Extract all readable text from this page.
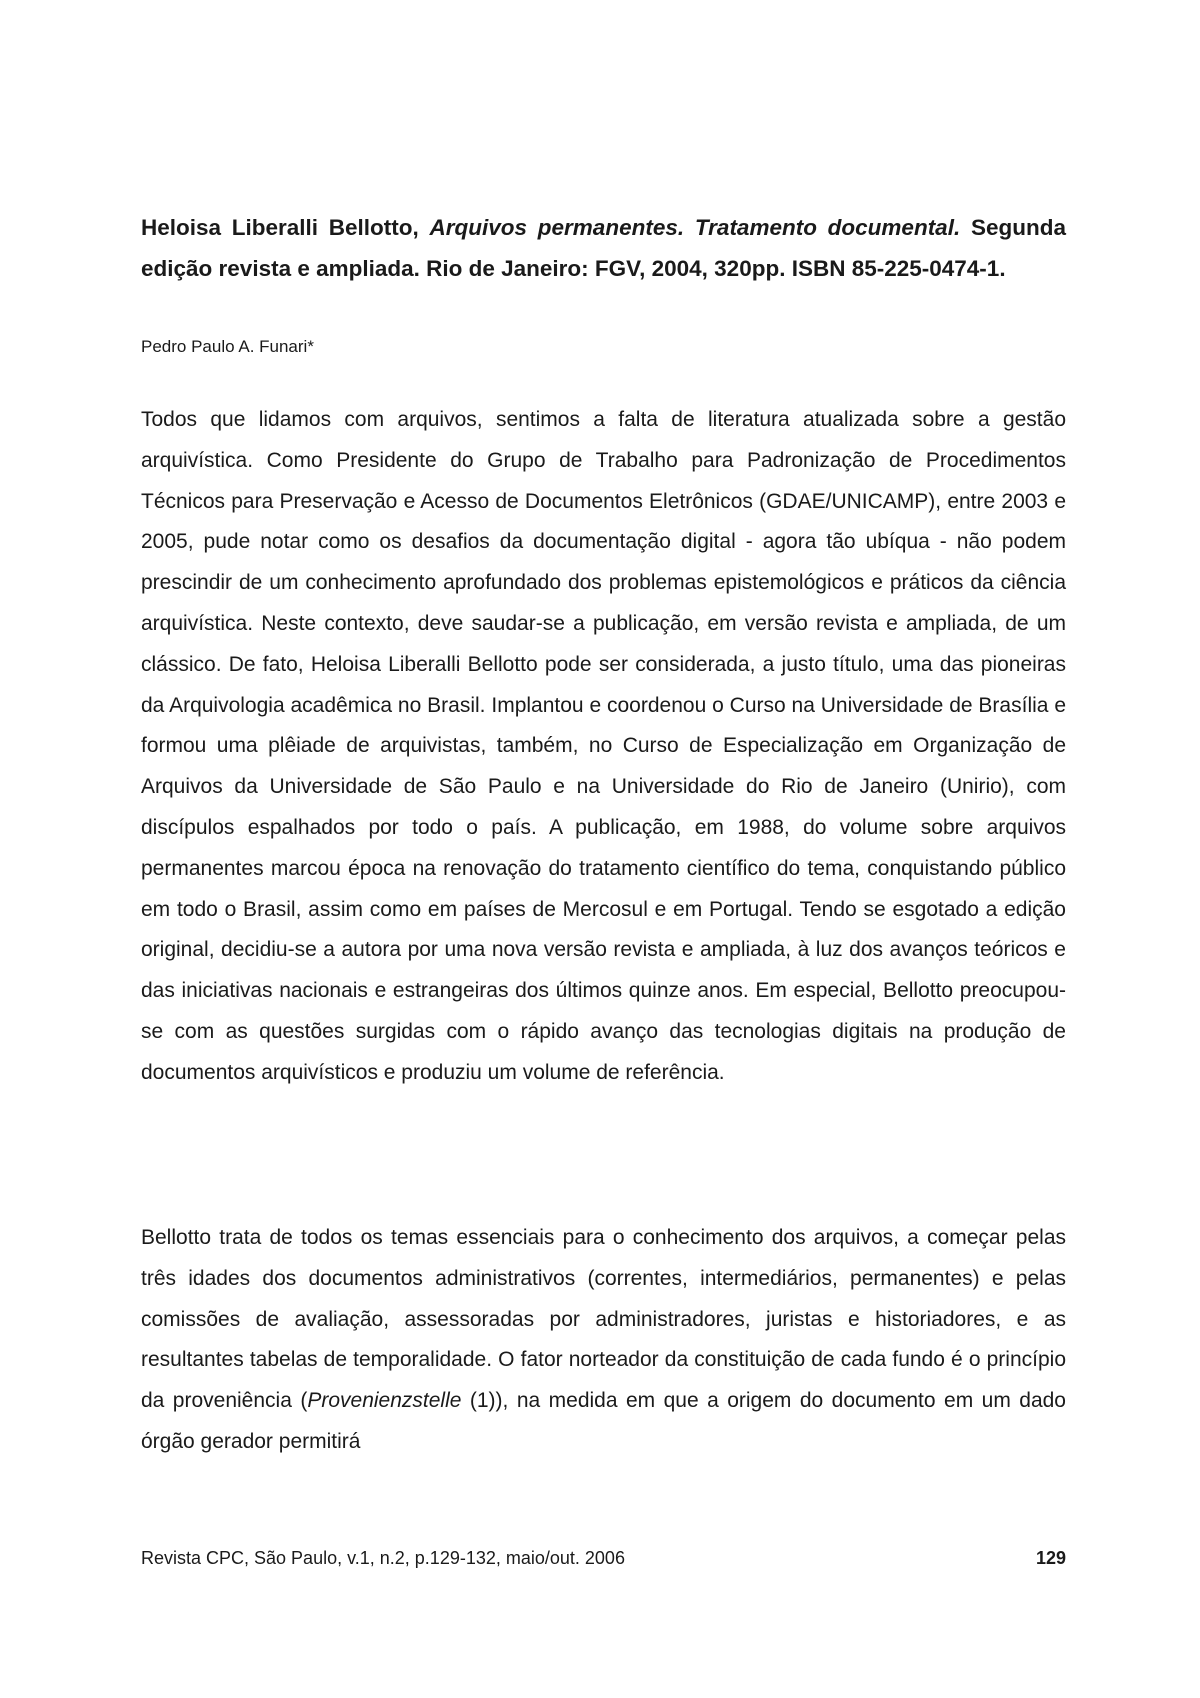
Heloisa Liberalli Bellotto, Arquivos permanentes. Tratamento documental. Segunda edição revista e ampliada. Rio de Janeiro: FGV, 2004, 320pp. ISBN 85-225-0474-1.

Pedro Paulo A. Funari*

Todos que lidamos com arquivos, sentimos a falta de literatura atualizada sobre a gestão arquivística. Como Presidente do Grupo de Trabalho para Padronização de Procedimentos Técnicos para Preservação e Acesso de Documentos Eletrônicos (GDAE/UNICAMP), entre 2003 e 2005, pude notar como os desafios da documentação digital - agora tão ubíqua - não podem prescindir de um conhecimento aprofundado dos problemas epistemológicos e práticos da ciência arquivística. Neste contexto, deve saudar-se a publicação, em versão revista e ampliada, de um clássico. De fato, Heloisa Liberalli Bellotto pode ser considerada, a justo título, uma das pioneiras da Arquivologia acadêmica no Brasil. Implantou e coordenou o Curso na Universidade de Brasília e formou uma plêiade de arquivistas, também, no Curso de Especialização em Organização de Arquivos da Universidade de São Paulo e na Universidade do Rio de Janeiro (Unirio), com discípulos espalhados por todo o país. A publicação, em 1988, do volume sobre arquivos permanentes marcou época na renovação do tratamento científico do tema, conquistando público em todo o Brasil, assim como em países de Mercosul e em Portugal. Tendo se esgotado a edição original, decidiu-se a autora por uma nova versão revista e ampliada, à luz dos avanços teóricos e das iniciativas nacionais e estrangeiras dos últimos quinze anos. Em especial, Bellotto preocupou-se com as questões surgidas com o rápido avanço das tecnologias digitais na produção de documentos arquivísticos e produziu um volume de referência.

Bellotto trata de todos os temas essenciais para o conhecimento dos arquivos, a começar pelas três idades dos documentos administrativos (correntes, intermediários, permanentes) e pelas comissões de avaliação, assessoradas por administradores, juristas e historiadores, e as resultantes tabelas de temporalidade. O fator norteador da constituição de cada fundo é o princípio da proveniência (Provenienzstelle (1)), na medida em que a origem do documento em um dado órgão gerador permitirá

Revista CPC, São Paulo, v.1, n.2, p.129-132, maio/out. 2006	129
